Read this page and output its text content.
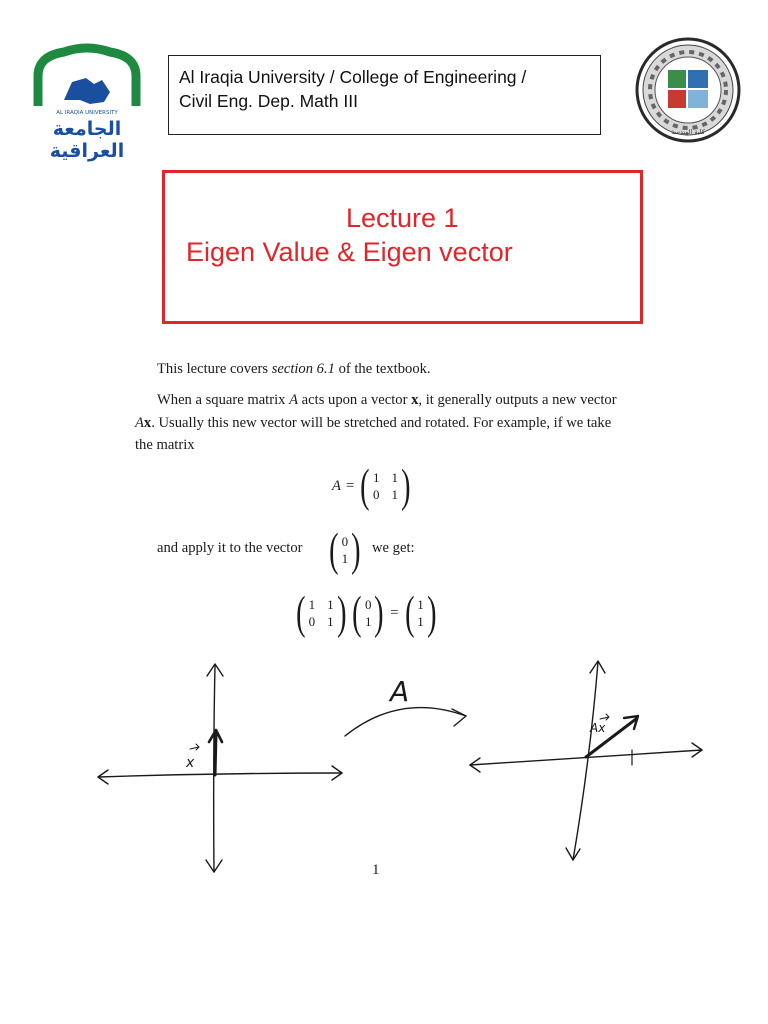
AL IRAQIA UNIVERSITY
الجامعة
العراقية
Al Iraqia University / College of Engineering /
Civil Eng. Dep. Math III
كلية الهندسة
Lecture 1
Eigen Value & Eigen vector
This lecture covers section 6.1 of the textbook.
When a square matrix A acts upon a vector x, it generally outputs a new vector Ax. Usually this new vector will be stretched and rotated. For example, if we take the matrix
A = ( 1 1
0 1 )
and apply it to the vector ( 0
1 ) we get:
( 1 1
0 1 ) ( 0
1 ) = ( 1
1 )
x
A
Ax
1
